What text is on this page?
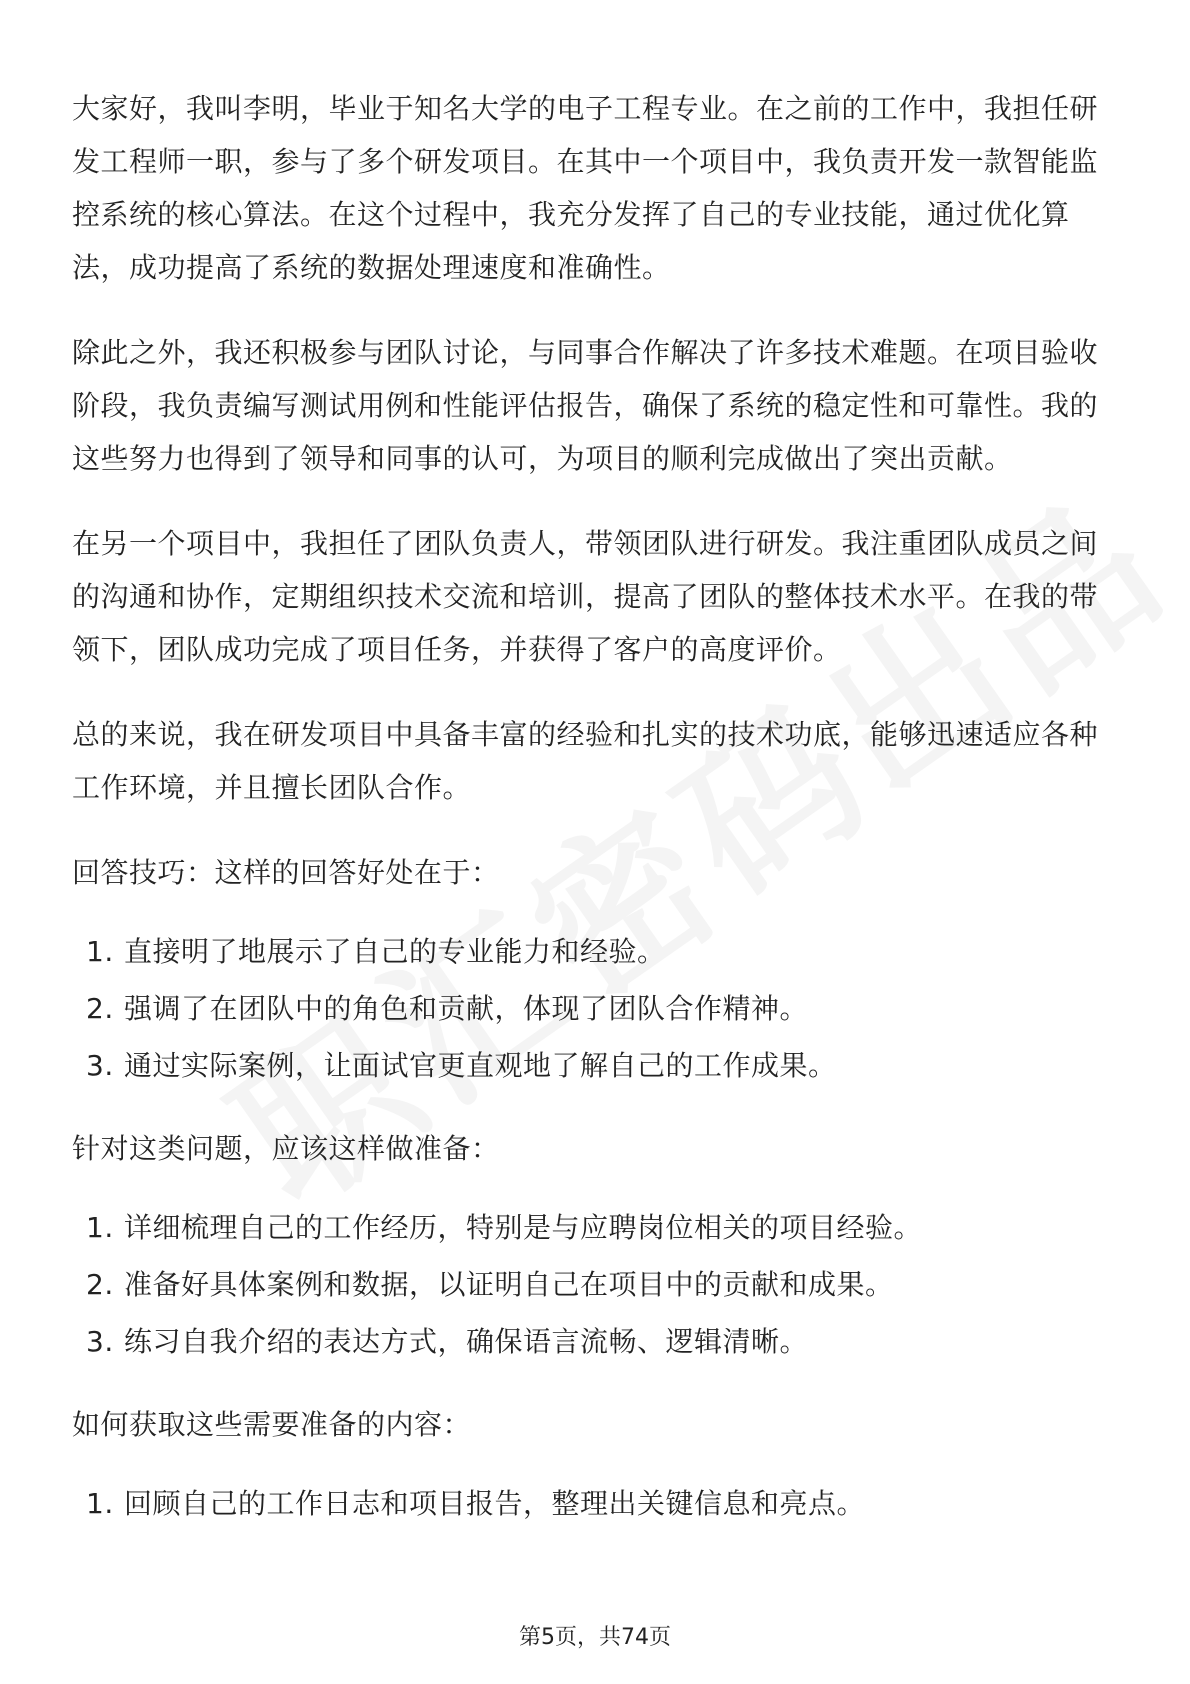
大家好，我叫李明，毕业于知名大学的电子工程专业。在之前的工作中，我担任研发工程师一职，参与了多个研发项目。在其中一个项目中，我负责开发一款智能监控系统的核心算法。在这个过程中，我充分发挥了自己的专业技能，通过优化算法，成功提高了系统的数据处理速度和准确性。

除此之外，我还积极参与团队讨论，与同事合作解决了许多技术难题。在项目验收阶段，我负责编写测试用例和性能评估报告，确保了系统的稳定性和可靠性。我的这些努力也得到了领导和同事的认可，为项目的顺利完成做出了突出贡献。

在另一个项目中，我担任了团队负责人，带领团队进行研发。我注重团队成员之间的沟通和协作，定期组织技术交流和培训，提高了团队的整体技术水平。在我的带领下，团队成功完成了项目任务，并获得了客户的高度评价。

总的来说，我在研发项目中具备丰富的经验和扎实的技术功底，能够迅速适应各种工作环境，并且擅长团队合作。

回答技巧：这样的回答好处在于：

1. 直接明了地展示了自己的专业能力和经验。
2. 强调了在团队中的角色和贡献，体现了团队合作精神。
3. 通过实际案例，让面试官更直观地了解自己的工作成果。

针对这类问题，应该这样做准备：

1. 详细梳理自己的工作经历，特别是与应聘岗位相关的项目经验。
2. 准备好具体案例和数据，以证明自己在项目中的贡献和成果。
3. 练习自我介绍的表达方式，确保语言流畅、逻辑清晰。

如何获取这些需要准备的内容：

1. 回顾自己的工作日志和项目报告，整理出关键信息和亮点。
第5页，共74页
